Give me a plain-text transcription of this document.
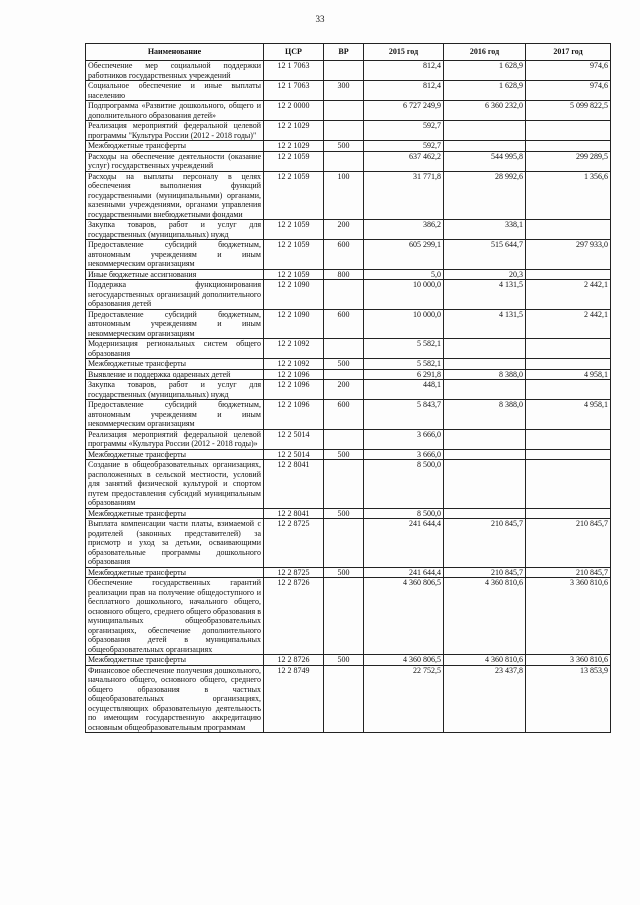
33
Наименование	ЦСР	ВР	2015 год	2016 год	2017 год
Обеспечение мер социальной поддержки работников государственных учреждений	12 1 7063		812,4	1 628,9	974,6
Социальное обеспечение и иные выплаты населению	12 1 7063	300	812,4	1 628,9	974,6
Подпрограмма «Развитие дошкольного, общего и дополнительного образования детей»	12 2 0000		6 727 249,9	6 360 232,0	5 099 822,5
Реализация мероприятий федеральной целевой программы "Культура России (2012 - 2018 годы)"	12 2 1029		592,7		
Межбюджетные трансферты	12 2 1029	500	592,7		
Расходы на обеспечение деятельности (оказание услуг) государственных учреждений	12 2 1059		637 462,2	544 995,8	299 289,5
Расходы на выплаты персоналу в целях обеспечения выполнения функций государственными (муниципальными) органами, казенными учреждениями, органами управления государственными внебюджетными фондами	12 2 1059	100	31 771,8	28 992,6	1 356,6
Закупка товаров, работ и услуг для государственных (муниципальных) нужд	12 2 1059	200	386,2	338,1	
Предоставление субсидий бюджетным, автономным учреждениям и иным некоммерческим организациям	12 2 1059	600	605 299,1	515 644,7	297 933,0
Иные бюджетные ассигнования	12 2 1059	800	5,0	20,3	
Поддержка функционирования негосударственных организаций дополнительного образования детей	12 2 1090		10 000,0	4 131,5	2 442,1
Предоставление субсидий бюджетным, автономным учреждениям и иным некоммерческим организациям	12 2 1090	600	10 000,0	4 131,5	2 442,1
Модернизация региональных систем общего образования	12 2 1092		5 582,1		
Межбюджетные трансферты	12 2 1092	500	5 582,1		
Выявление и поддержка одаренных детей	12 2 1096		6 291,8	8 388,0	4 958,1
Закупка товаров, работ и услуг для государственных (муниципальных) нужд	12 2 1096	200	448,1		
Предоставление субсидий бюджетным, автономным учреждениям и иным некоммерческим организациям	12 2 1096	600	5 843,7	8 388,0	4 958,1
Реализация мероприятий федеральной целевой программы «Культура России (2012 - 2018 годы)»	12 2 5014		3 666,0		
Межбюджетные трансферты	12 2 5014	500	3 666,0		
Создание в общеобразовательных организациях, расположенных в сельской местности, условий для занятий физической культурой и спортом путем предоставления субсидий муниципальным образованиям	12 2 8041		8 500,0		
Межбюджетные трансферты	12 2 8041	500	8 500,0		
Выплата компенсации части платы, взимаемой с родителей (законных представителей) за присмотр и уход за детьми, осваивающими образовательные программы дошкольного образования	12 2 8725		241 644,4	210 845,7	210 845,7
Межбюджетные трансферты	12 2 8725	500	241 644,4	210 845,7	210 845,7
Обеспечение государственных гарантий реализации прав на получение общедоступного и бесплатного дошкольного, начального общего, основного общего, среднего общего образования в муниципальных общеобразовательных организациях, обеспечение дополнительного образования детей в муниципальных общеобразовательных организациях	12 2 8726		4 360 806,5	4 360 810,6	3 360 810,6
Межбюджетные трансферты	12 2 8726	500	4 360 806,5	4 360 810,6	3 360 810,6
Финансовое обеспечение получения дошкольного, начального общего, основного общего, среднего общего образования в частных общеобразовательных организациях, осуществляющих образовательную деятельность по имеющим государственную аккредитацию основным общеобразовательным программам	12 2 8749		22 752,5	23 437,8	13 853,9
